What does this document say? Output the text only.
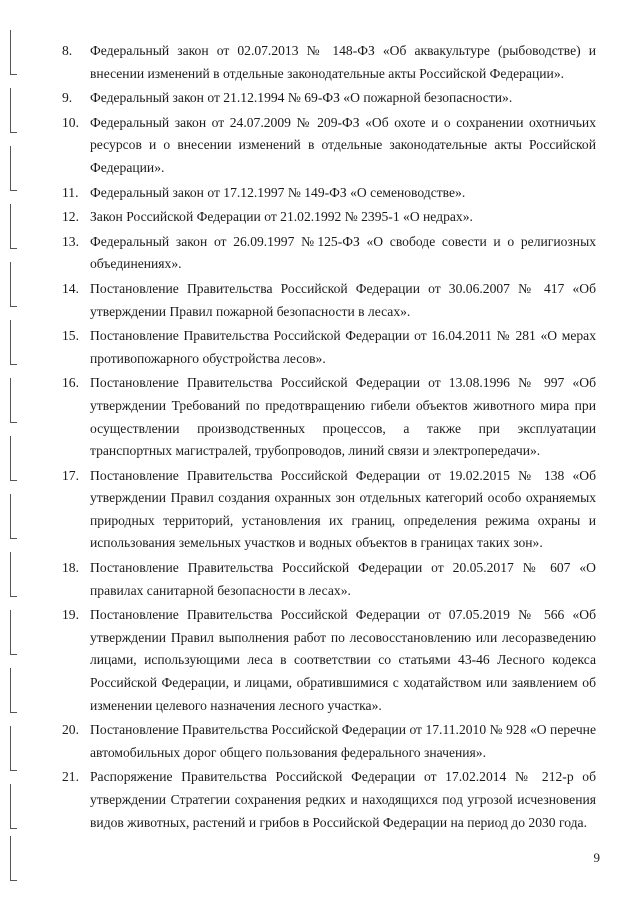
8. Федеральный закон от 02.07.2013 № 148-ФЗ «Об аквакультуре (рыбоводстве) и внесении изменений в отдельные законодательные акты Российской Федерации».
9. Федеральный закон от 21.12.1994 № 69-ФЗ «О пожарной безопасности».
10. Федеральный закон от 24.07.2009 № 209-ФЗ «Об охоте и о сохранении охотничьих ресурсов и о внесении изменений в отдельные законодательные акты Российской Федерации».
11. Федеральный закон от 17.12.1997 № 149-ФЗ «О семеноводстве».
12. Закон Российской Федерации от 21.02.1992 № 2395-1 «О недрах».
13. Федеральный закон от 26.09.1997 №125-ФЗ «О свободе совести и о религиозных объединениях».
14. Постановление Правительства Российской Федерации от 30.06.2007 № 417 «Об утверждении Правил пожарной безопасности в лесах».
15. Постановление Правительства Российской Федерации от 16.04.2011 № 281 «О мерах противопожарного обустройства лесов».
16. Постановление Правительства Российской Федерации от 13.08.1996 № 997 «Об утверждении Требований по предотвращению гибели объектов животного мира при осуществлении производственных процессов, а также при эксплуатации транспортных магистралей, трубопроводов, линий связи и электропередачи».
17. Постановление Правительства Российской Федерации от 19.02.2015 № 138 «Об утверждении Правил создания охранных зон отдельных категорий особо охраняемых природных территорий, установления их границ, определения режима охраны и использования земельных участков и водных объектов в границах таких зон».
18. Постановление Правительства Российской Федерации от 20.05.2017 № 607 «О правилах санитарной безопасности в лесах».
19. Постановление Правительства Российской Федерации от 07.05.2019 № 566 «Об утверждении Правил выполнения работ по лесовосстановлению или лесоразведению лицами, использующими леса в соответствии со статьями 43-46 Лесного кодекса Российской Федерации, и лицами, обратившимися с ходатайством или заявлением об изменении целевого назначения лесного участка».
20. Постановление Правительства Российской Федерации от 17.11.2010 № 928 «О перечне автомобильных дорог общего пользования федерального значения».
21. Распоряжение Правительства Российской Федерации от 17.02.2014 № 212-р об утверждении Стратегии сохранения редких и находящихся под угрозой исчезновения видов животных, растений и грибов в Российской Федерации на период до 2030 года.
9
